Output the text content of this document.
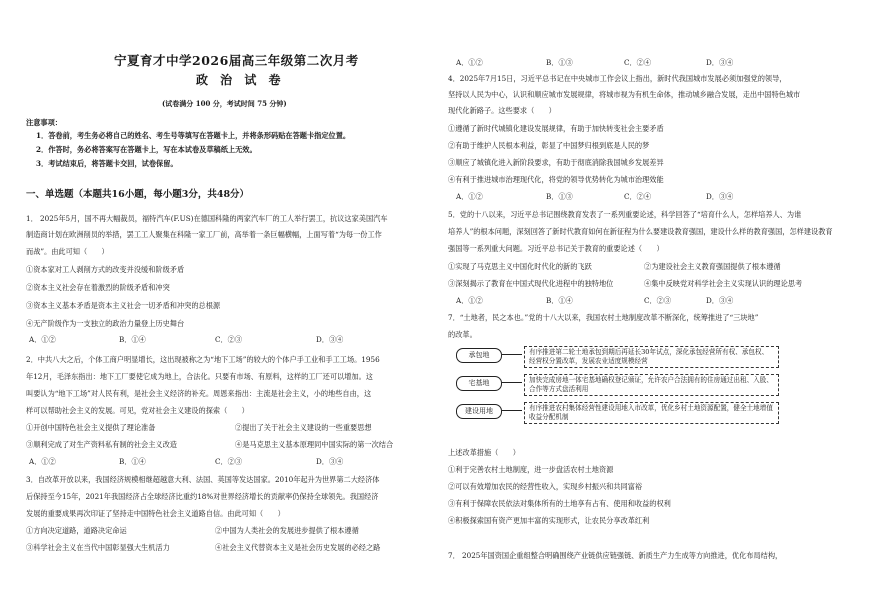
宁夏育才中学2026届高三年级第二次月考
政 治 试 卷
(试卷满分 100 分，考试时间 75 分钟)
注意事项：
1．答卷前，考生务必将自己的姓名、考生号等填写在答题卡上，并将条形码贴在答题卡指定位置。
2．作答时，务必将答案写在答题卡上，写在本试卷及草稿纸上无效。
3．考试结束后，将答题卡交回，试卷保留。
一、单选题（本题共16小题，每小题3分，共48分）
1． 2025年5月，国不再大幅裁员，福特汽车(F.US)在德国科隆的两家汽车厂的工人举行罢工，抗议这家美国汽车
制造商计划在欧洲削员的举措，罢工工人聚集在科隆一家工厂前，高举着一条巨幅横幅，上面写着“为每一份工作
而战”。由此可知（　　）
①资本家对工人剥削方式的改变并没缓和阶级矛盾
②资本主义社会存在着激烈的阶级矛盾和冲突
③资本主义基本矛盾是资本主义社会一切矛盾和冲突的总根源
④无产阶级作为一支独立的政治力量登上历史舞台
A．①②	B．①④	C．②③	D．③④
2．中共八大之后，个体工商户明显增长，这出现被称之为“地下工场”的较大的个体户手工业和手工工场。1956
年12月，毛泽东指出：地下工厂要使它成为地上，合法化。只要有市场、有原料，这样的工厂还可以增加。这
叫要认为“地下工场”对人民有利，是社会主义经济的补充。周恩来指出：主流是社会主义，小的地些自由，这
样可以帮助社会主义的发展。可见，党对社会主义建设的探索（　　）
①开创中国特色社会主义提供了理论准备	②提出了关于社会主义建设的一些重要思想
③顺利完成了对生产资料私有制的社会主义改造	④是马克思主义基本原理同中国实际的第一次结合
A．①②	B．①④	C．②③	D．③④
3．自改革开放以来，我国经济规模相继超越意大利、法国、英国等发达国家。2010年起升为世界第二大经济体
后保持至今15年，2021年我国经济占全球经济比重约18%对世界经济增长的贡献率仍保持全球领先。我国经济
发展的重要成果再次印证了坚持走中国特色社会主义道路自信。由此可知（　　）
①方向决定道路，道路决定命运	②中国为人类社会的发展进步提供了根本遵循
③科学社会主义在当代中国彰显强大生机活力	④社会主义代替资本主义是社会历史发展的必经之路
A．①②	B．①③	C．②④	D．③④
4．2025年7月15日，习近平总书记在中央城市工作会议上指出，新时代我国城市发展必须加强党的领导，
坚持以人民为中心，认识和顺应城市发展规律，将城市视为有机生命体，推动城乡融合发展，走出中国特色城市
现代化新路子。这些要求（　　）
①遵循了新时代城镇化建设发展规律，有助于加快转变社会主要矛盾
②有助于维护人民根本利益，彰显了中国梦归根到底是人民的梦
③顺应了城镇化进入新阶段要求，有助于彻底消除我国城乡发展差异
④有利于推进城市治理现代化，将党的领导优势转化为城市治理效能
A．①②	B．①③	C．②④	D．③④
5．党的十八以来，习近平总书记围绕教育发表了一系列重要论述，科学回答了“培育什么人，怎样培养人、为谁
培养人”的根本问题，深刻回答了新时代教育如何在新征程为什么要建设教育强国，建设什么样的教育强国，怎样建设教育
强国等一系列重大问题。习近平总书记关于教育的重要论述（　　）
①实现了马克思主义中国化时代化的新的飞跃	②为建设社会主义教育强国提供了根本遵循
③深刻揭示了教育在中国式现代化进程中的独特地位	④集中反映党对科学社会主义实现认识的理论思考
A．①②	B．①④	C．②③	D．③④
7．“土地者，民之本也。”党的十八大以来，我国农村土地制度改革不断深化，统筹推进了“三块地”
的改革。
承包地	有序推进第二轮土地承包到期后再延长30年试点，深化承包经营所有权、承包权、经营权分置改革，发展农业适度规模经营
宅基地	加快完成房地一体宅基地确权登记颁证，允许农户合法拥有的住房通过出租、入股、合作等方式盘活利用
建设用地	有序推进农村集体经营性建设用地入市改革，优化乡村土地资源配置，健全土地增值收益分配机制
上述改革措施（　　）
①利于完善农村土地制度，进一步盘活农村土地资源
②可以有效增加农民的经营性收入，实现乡村振兴和共同富裕
③有利于保障农民依法对集体所有的土地享有占有、使用和收益的权利
④积极探索国有资产更加丰富的实现形式，让农民分享改革红利
7． 2025年国资国企重组整合明确围绕产业链供应链强链、新质生产力生成等方向推进，优化布局结构，
